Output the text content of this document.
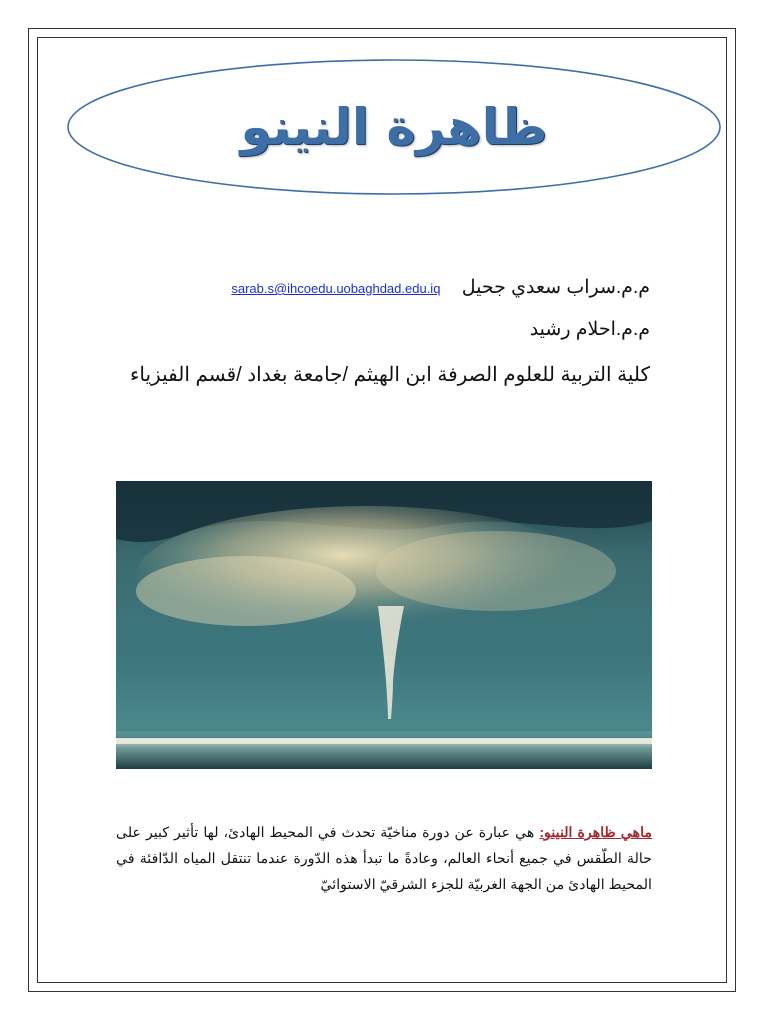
ظاهرة النينو
م.م.سراب سعدي جحيل sarab.s@ihcoedu.uobaghdad.edu.iq
م.م.احلام رشيد
كلية التربية للعلوم الصرفة ابن الهيثم /جامعة بغداد /قسم الفيزياء
ماهي ظاهرة النينو: هي عبارة عن دورة مناخيّة تحدث في المحيط الهادئ، لها تأثير كبير على حالة الطّقس في جميع أنحاء العالم، وعادةً ما تبدأ هذه الدّورة عندما تنتقل المياه الدّافئة في المحيط الهادئ من الجهة الغربيّة للجزء الشرقيّ الاستوائيّ
